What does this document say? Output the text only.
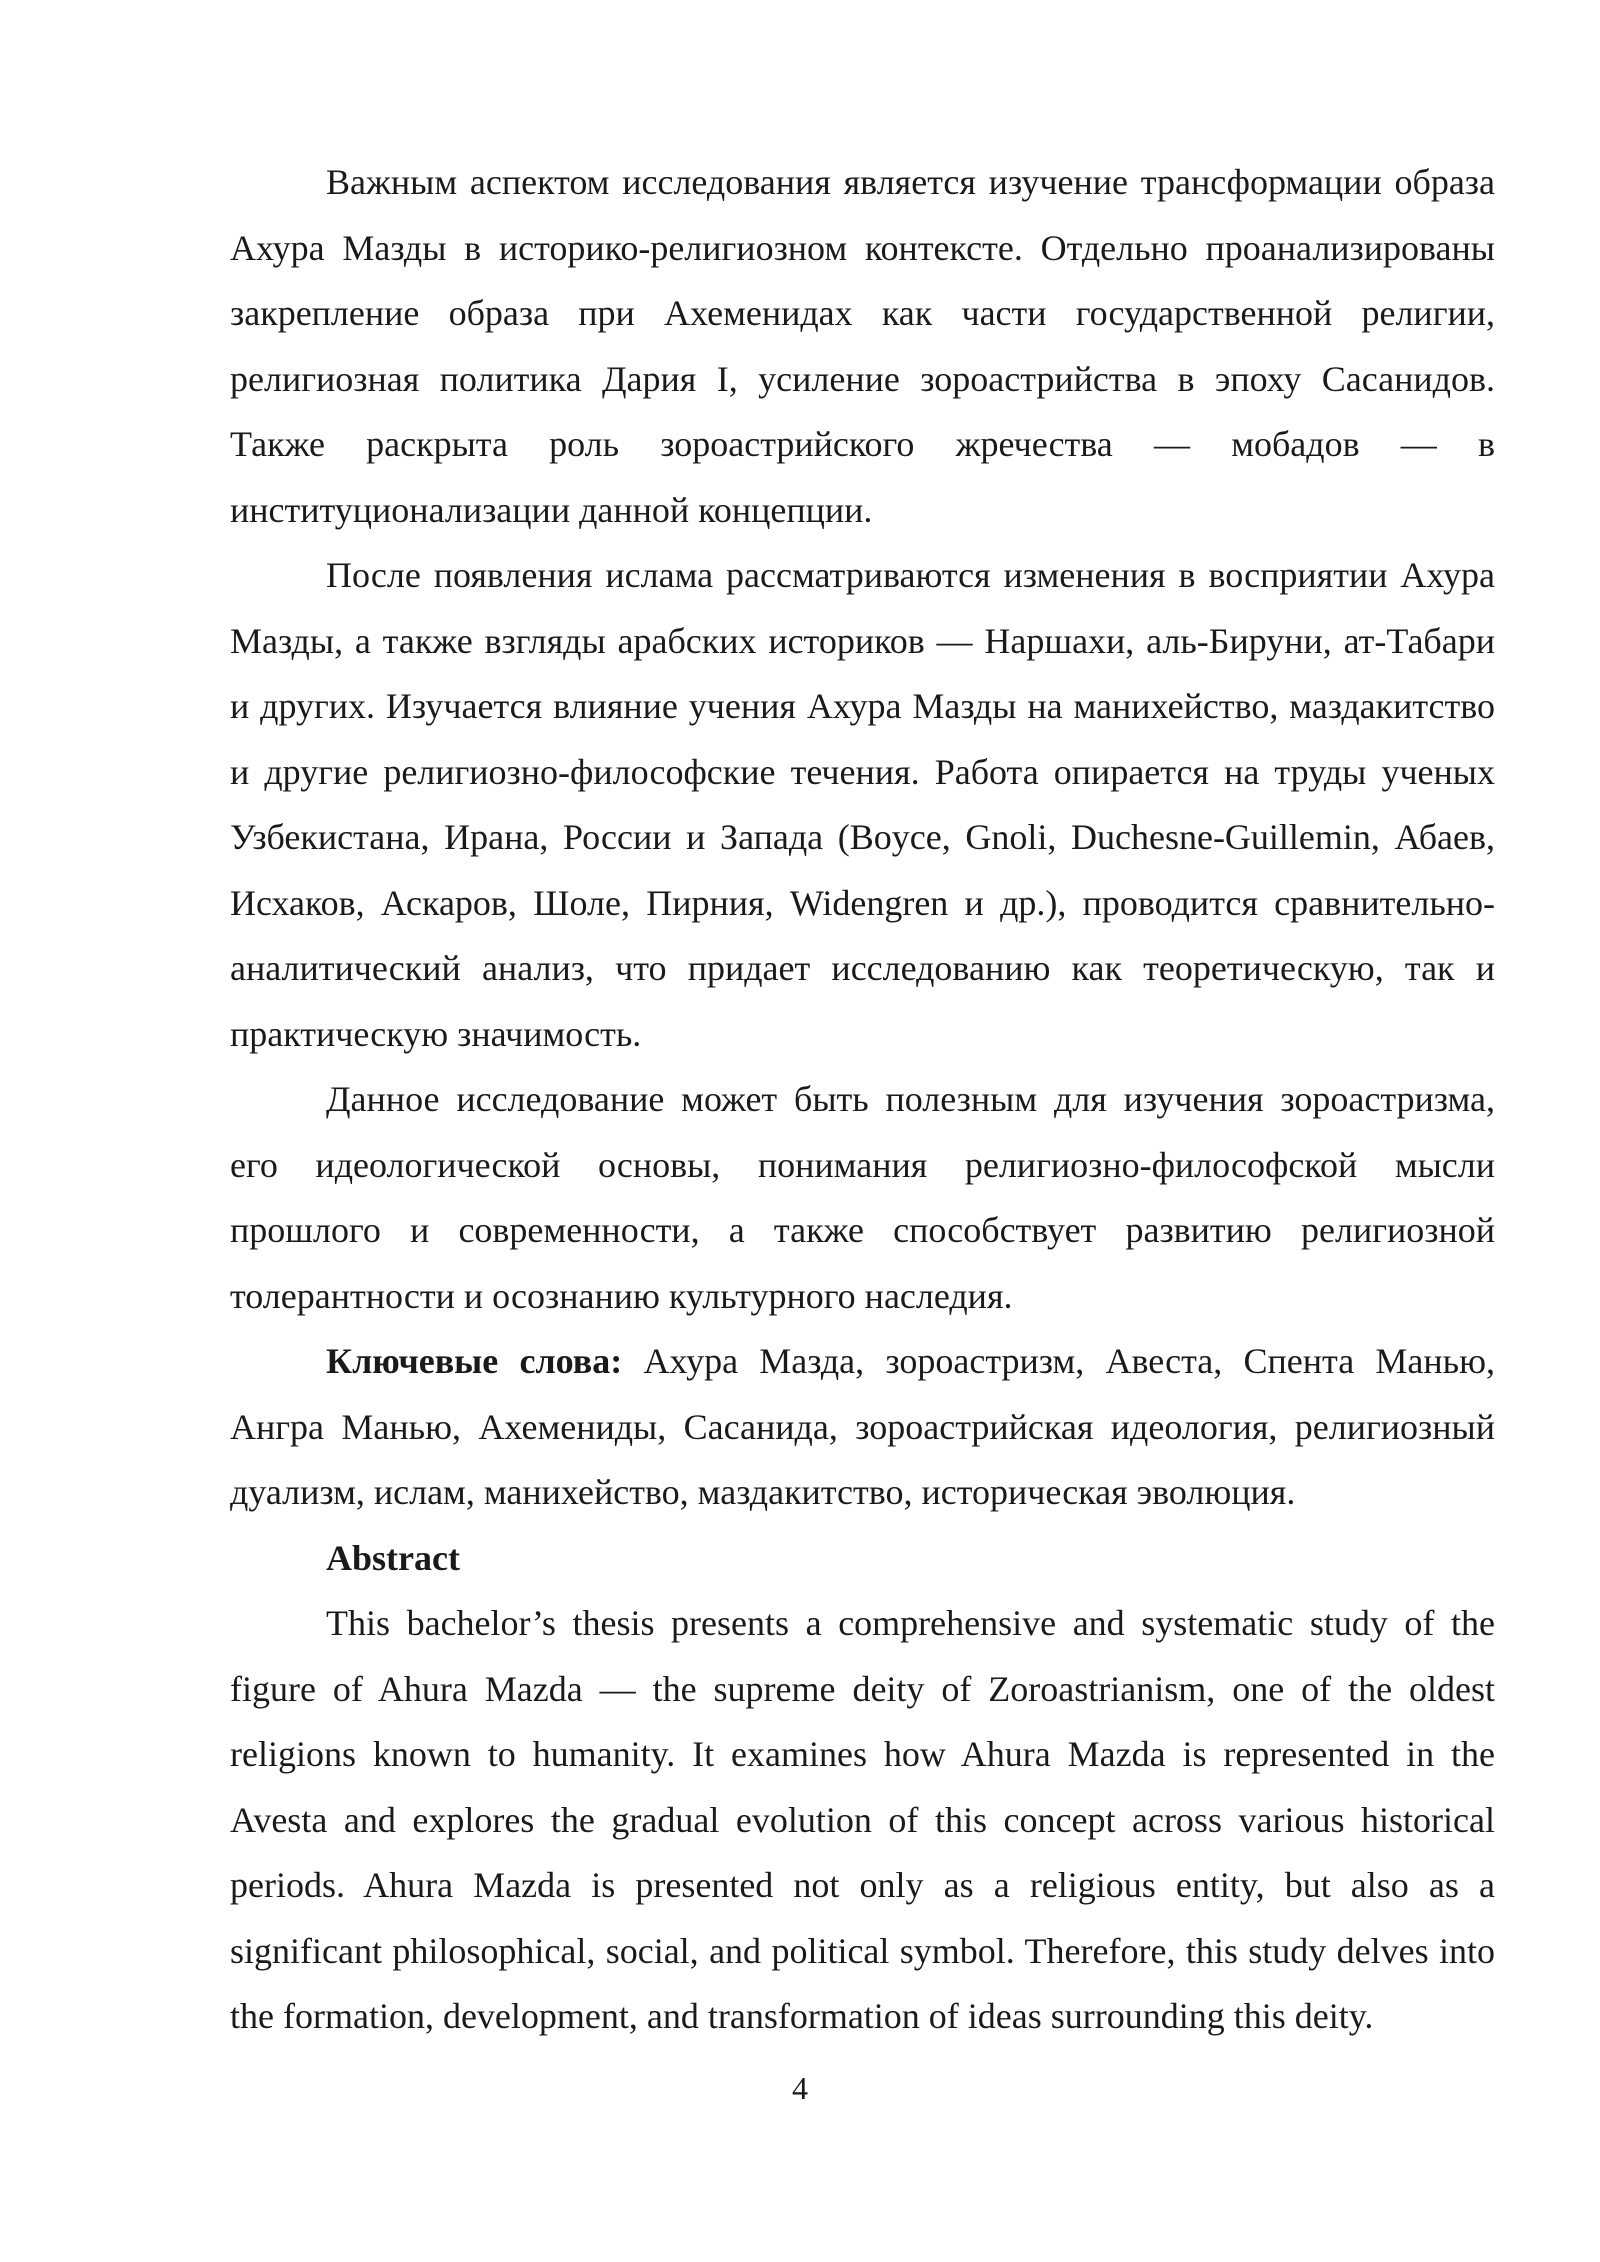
Важным аспектом исследования является изучение трансформации образа Ахура Мазды в историко-религиозном контексте. Отдельно проанализированы закрепление образа при Ахеменидах как части государственной религии, религиозная политика Дария I, усиление зороастрийства в эпоху Сасанидов. Также раскрыта роль зороастрийского жречества — мобадов — в институционализации данной концепции.

После появления ислама рассматриваются изменения в восприятии Ахура Мазды, а также взгляды арабских историков — Наршахи, аль-Бируни, ат-Табари и других. Изучается влияние учения Ахура Мазды на манихейство, маздакитство и другие религиозно-философские течения. Работа опирается на труды ученых Узбекистана, Ирана, России и Запада (Boyce, Gnoli, Duchesne-Guillemin, Абаев, Исхаков, Аскаров, Шоле, Пирния, Widengren и др.), проводится сравнительно-аналитический анализ, что придает исследованию как теоретическую, так и практическую значимость.

Данное исследование может быть полезным для изучения зороастризма, его идеологической основы, понимания религиозно-философской мысли прошлого и современности, а также способствует развитию религиозной толерантности и осознанию культурного наследия.

Ключевые слова: Ахура Мазда, зороастризм, Авеста, Спента Манью, Ангра Манью, Ахемениды, Сасанида, зороастрийская идеология, религиозный дуализм, ислам, манихейство, маздакитство, историческая эволюция.

Abstract

This bachelor’s thesis presents a comprehensive and systematic study of the figure of Ahura Mazda — the supreme deity of Zoroastrianism, one of the oldest religions known to humanity. It examines how Ahura Mazda is represented in the Avesta and explores the gradual evolution of this concept across various historical periods. Ahura Mazda is presented not only as a religious entity, but also as a significant philosophical, social, and political symbol. Therefore, this study delves into the formation, development, and transformation of ideas surrounding this deity.

4
